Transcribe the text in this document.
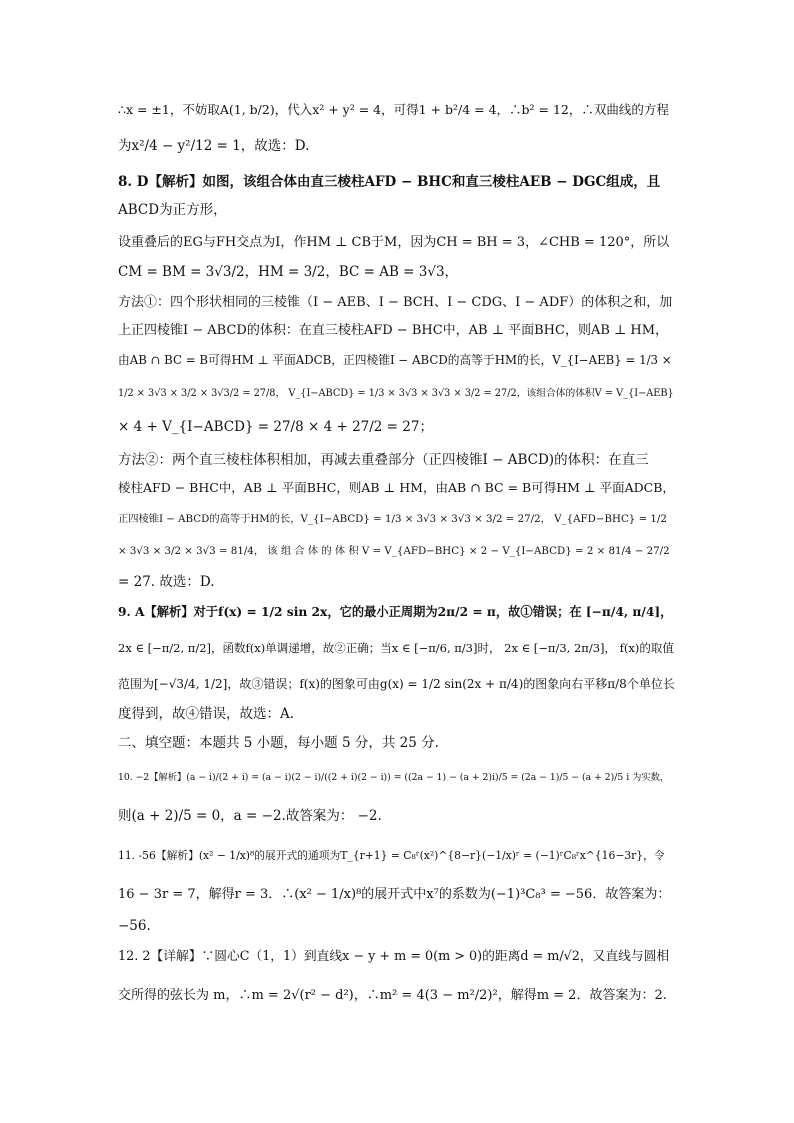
∴x = ±1，不妨取A(1, b/2)，代入x² + y² = 4，可得1 + b²/4 = 4，∴b² = 12，∴双曲线的方程
为x²/4 − y²/12 = 1，故选：D.
8. D【解析】如图，该组合体由直三棱柱AFD − BHC和直三棱柱AEB − DGC组成，且
ABCD为正方形，
设重叠后的EG与FH交点为I，作HM ⊥ CB于M，因为CH = BH = 3，∠CHB = 120°，所以
CM = BM = 3√3/2，HM = 3/2，BC = AB = 3√3，
方法①：四个形状相同的三棱锥（I − AEB、I − BCH、I − CDG、I − ADF）的体积之和，加
上正四棱锥I − ABCD的体积：在直三棱柱AFD − BHC中，AB ⊥ 平面BHC，则AB ⊥ HM，
由AB ∩ BC = B可得HM ⊥ 平面ADCB，正四棱锥I − ABCD的高等于HM的长，V_{I−AEB} = 1/3 ×
1/2 × 3√3 × 3/2 × 3√3/2 = 27/8， V_{I−ABCD} = 1/3 × 3√3 × 3√3 × 3/2 = 27/2，该组合体的体积V = V_{I−AEB}
× 4 + V_{I−ABCD} = 27/8 × 4 + 27/2 = 27；
方法②：两个直三棱柱体积相加，再减去重叠部分（正四棱锥I − ABCD)的体积：在直三
棱柱AFD − BHC中，AB ⊥ 平面BHC，则AB ⊥ HM，由AB ∩ BC = B可得HM ⊥ 平面ADCB，
正四棱锥I − ABCD的高等于HM的长，V_{I−ABCD} = 1/3 × 3√3 × 3√3 × 3/2 = 27/2， V_{AFD−BHC} = 1/2
× 3√3 × 3/2 × 3√3 = 81/4， 该 组 合 体 的 体 积 V = V_{AFD−BHC} × 2 − V_{I−ABCD} = 2 × 81/4 − 27/2
= 27. 故选：D.
9. A【解析】对于f(x) = 1/2 sin 2x，它的最小正周期为2π/2 = π，故①错误；在 [−π/4, π/4]，
2x ∈ [−π/2, π/2]，函数f(x)单调递增，故②正确；当x ∈ [−π/6, π/3]时， 2x ∈ [−π/3, 2π/3]， f(x)的取值
范围为[−√3/4, 1/2]，故③错误；f(x)的图象可由g(x) = 1/2 sin(2x + π/4)的图象向右平移π/8个单位长
度得到，故④错误，故选：A.
二、填空题：本题共 5 小题，每小题 5 分，共 25 分.
10. −2【解析】(a − i)/(2 + i) = (a − i)(2 − i)/((2 + i)(2 − i)) = ((2a − 1) − (a + 2)i)/5 = (2a − 1)/5 − (a + 2)/5 i 为实数，
则(a + 2)/5 = 0，a = −2.故答案为： −2.
11. -56【解析】(x² − 1/x)⁸的展开式的通项为T_{r+1} = C₈ʳ(x²)^{8−r}(−1/x)ʳ = (−1)ʳC₈ʳx^{16−3r}，令
16 − 3r = 7，解得r = 3．∴(x² − 1/x)⁸的展开式中x⁷的系数为(−1)³C₈³ = −56．故答案为：
−56.
12. 2【详解】∵圆心C（1，1）到直线x − y + m = 0(m > 0)的距离d = m/√2，又直线与圆相
交所得的弦长为 m，∴m = 2√(r² − d²)，∴m² = 4(3 − m²/2)²，解得m = 2．故答案为：2.
